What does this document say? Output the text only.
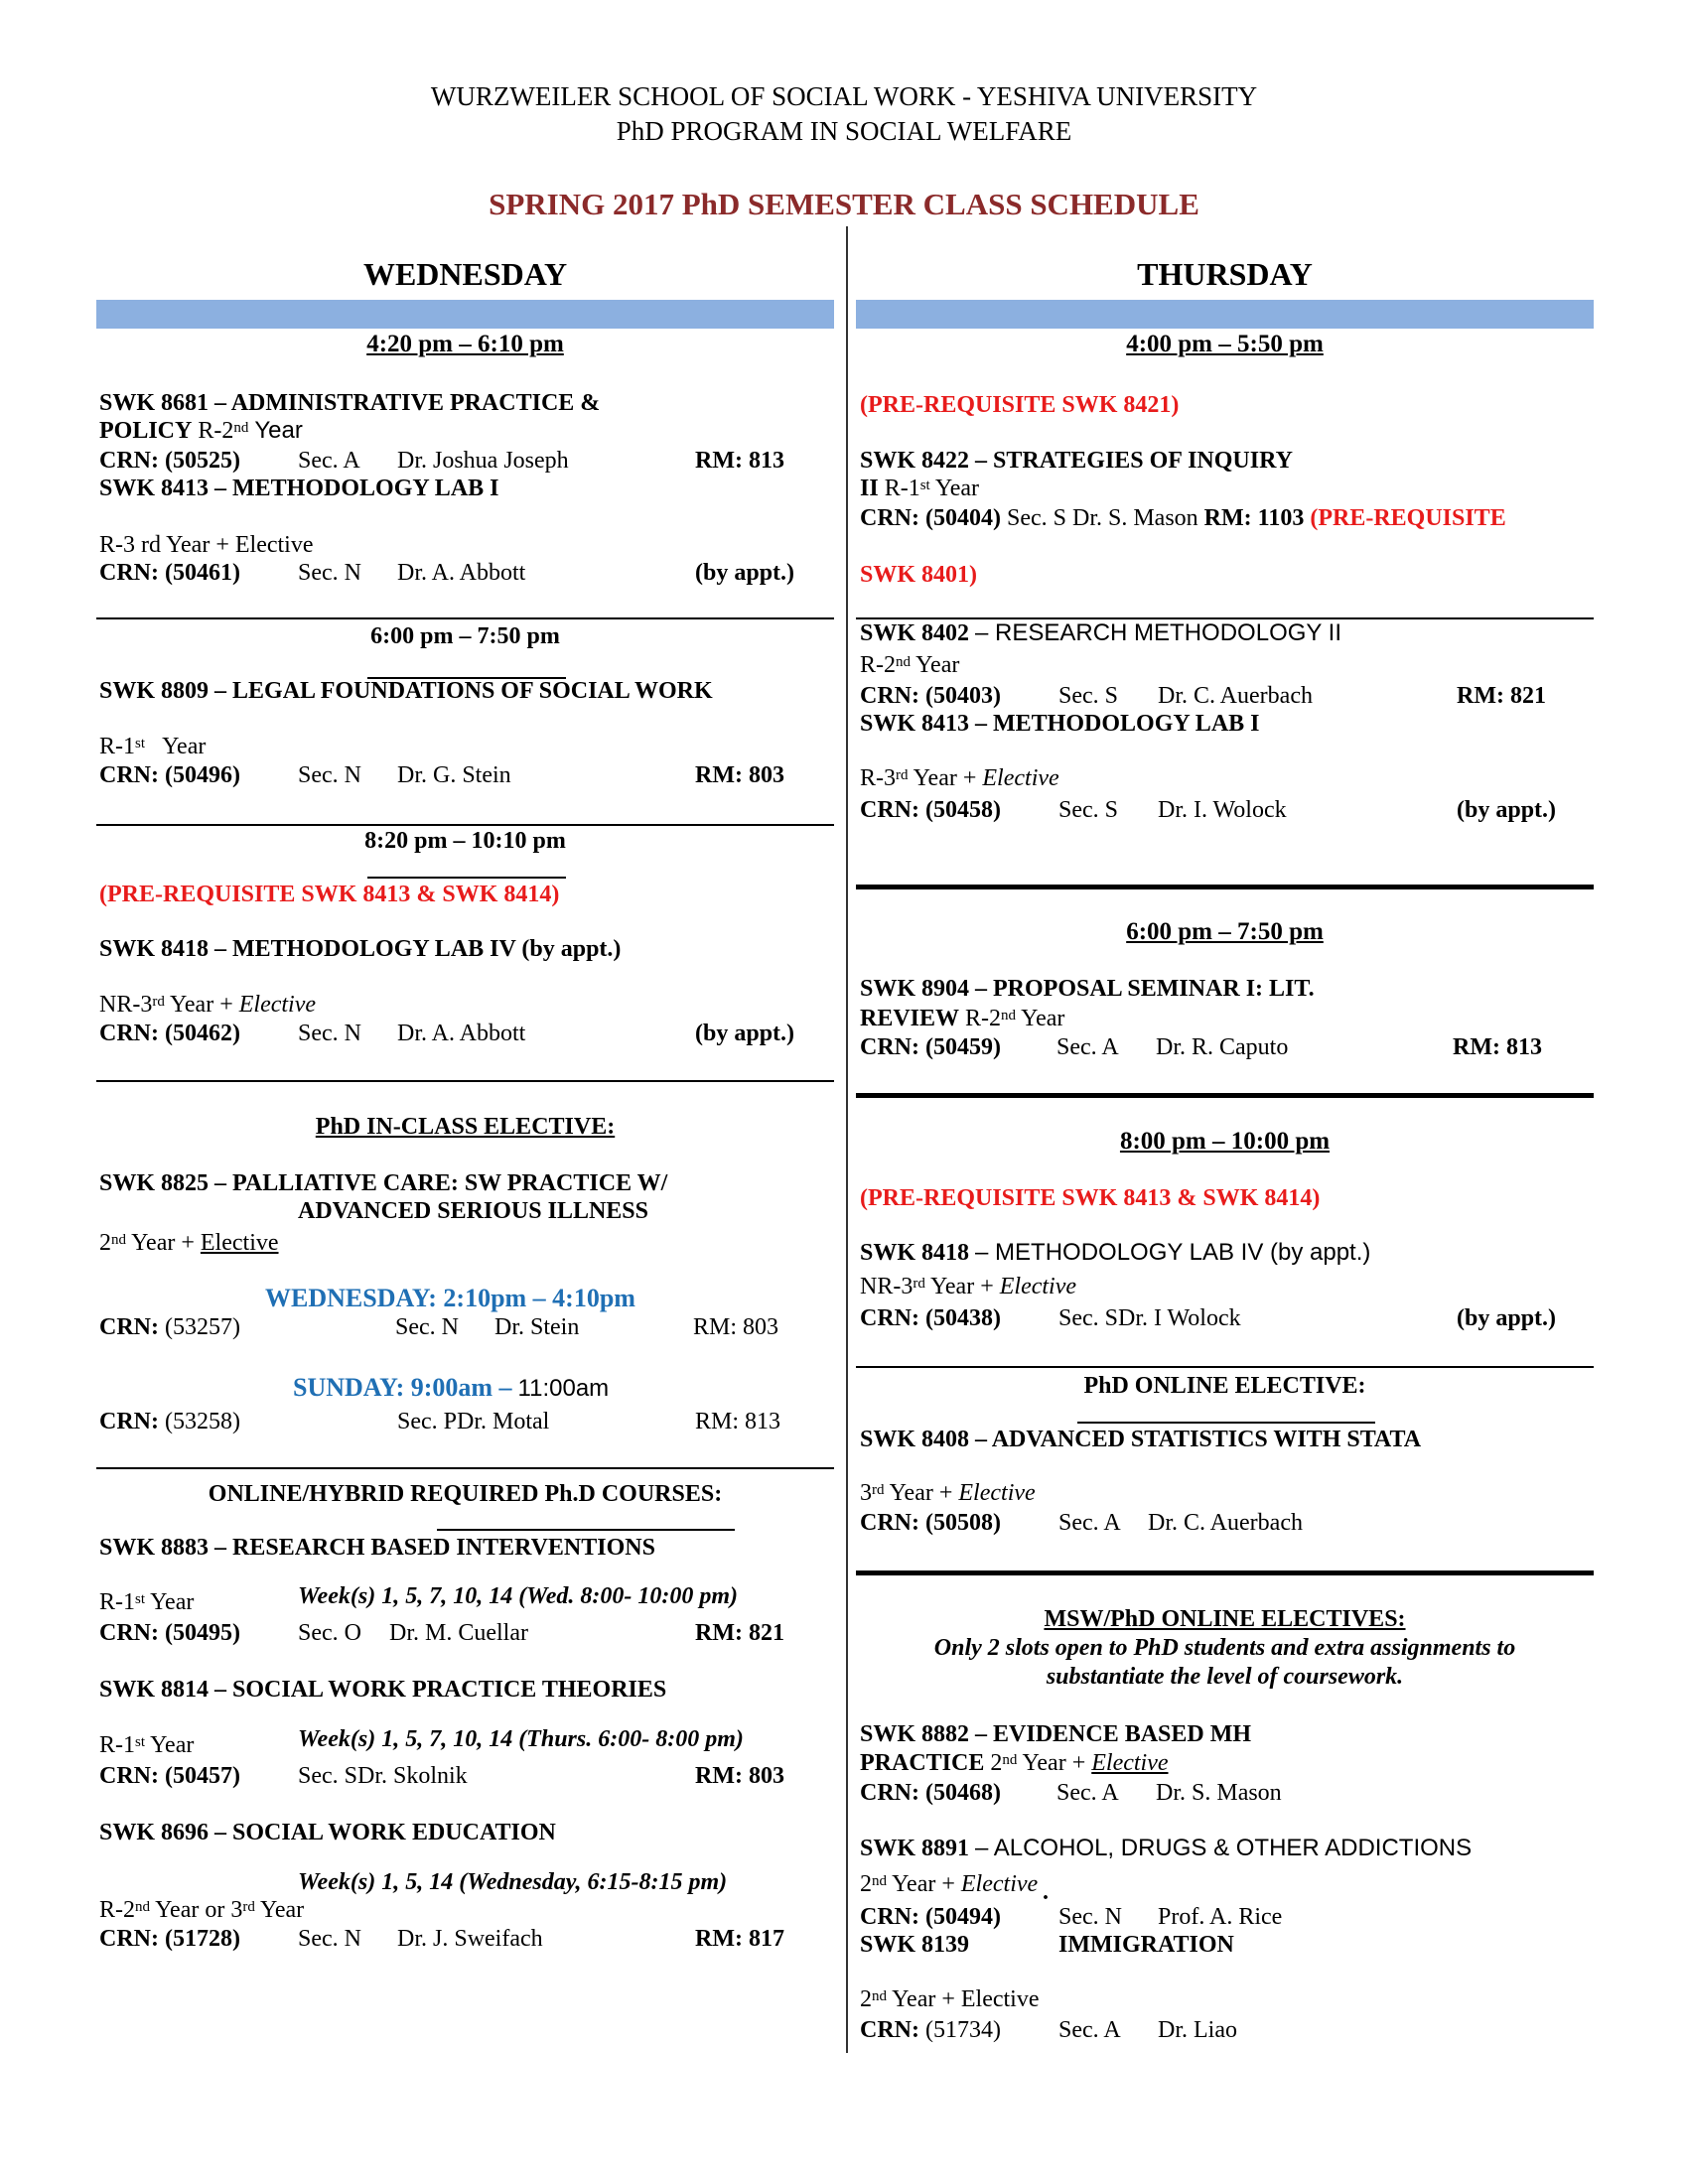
WURZWEILER SCHOOL OF SOCIAL WORK - YESHIVA UNIVERSITY
PhD PROGRAM IN SOCIAL WELFARE
SPRING 2017 PhD SEMESTER CLASS SCHEDULE
WEDNESDAY
4:20 pm – 6:10 pm
SWK 8681 – ADMINISTRATIVE PRACTICE &
POLICY R-2nd Year
CRN: (50525) Sec. A Dr. Joshua Joseph	RM: 813
SWK 8413 – METHODOLOGY LAB I
R-3 rd Year + Elective
CRN: (50461) Sec. N Dr. A. Abbott	(by appt.)
6:00 pm – 7:50 pm
SWK 8809 – LEGAL FOUNDATIONS OF SOCIAL WORK
R-1st Year
CRN: (50496) Sec. N Dr. G. Stein	RM: 803
8:20 pm – 10:10 pm
(PRE-REQUISITE SWK 8413 & SWK 8414)
SWK 8418 – METHODOLOGY LAB IV (by appt.)
NR-3rd Year + Elective
CRN: (50462) Sec. N Dr. A. Abbott	(by appt.)
PhD IN-CLASS ELECTIVE:
SWK 8825 – PALLIATIVE CARE: SW PRACTICE W/
ADVANCED SERIOUS ILLNESS
2nd Year + Elective
WEDNESDAY: 2:10pm – 4:10pm
CRN: (53257)	Sec. N Dr. Stein	RM: 803
SUNDAY: 9:00am – 11:00am
CRN: (53258)	Sec. PDr. Motal	RM: 813
ONLINE/HYBRID REQUIRED Ph.D COURSES:
SWK 8883 – RESEARCH BASED INTERVENTIONS
R-1st Year	Week(s) 1, 5, 7, 10, 14 (Wed. 8:00- 10:00 pm)
CRN: (50495) Sec. O Dr. M. Cuellar	RM: 821
SWK 8814 – SOCIAL WORK PRACTICE THEORIES
R-1st Year	Week(s) 1, 5, 7, 10, 14 (Thurs. 6:00- 8:00 pm)
CRN: (50457) Sec. SDr. Skolnik	RM: 803
SWK 8696 – SOCIAL WORK EDUCATION
Week(s) 1, 5, 14 (Wednesday, 6:15-8:15 pm)
R-2nd Year or 3rd Year
CRN: (51728) Sec. N Dr. J. Sweifach	RM: 817
THURSDAY
4:00 pm – 5:50 pm
(PRE-REQUISITE SWK 8421)
SWK 8422 – STRATEGIES OF INQUIRY
II R-1st Year
CRN: (50404) Sec. S Dr. S. Mason RM: 1103 (PRE-REQUISITE
SWK 8401)
SWK 8402 – RESEARCH METHODOLOGY II
R-2nd Year
CRN: (50403) Sec. S Dr. C. Auerbach	RM: 821
SWK 8413 – METHODOLOGY LAB I
R-3rd Year + Elective
CRN: (50458) Sec. S Dr. I. Wolock	(by appt.)
6:00 pm – 7:50 pm
SWK 8904 – PROPOSAL SEMINAR I: LIT.
REVIEW R-2nd Year
CRN: (50459) Sec. A Dr. R. Caputo	RM: 813
8:00 pm – 10:00 pm
(PRE-REQUISITE SWK 8413 & SWK 8414)
SWK 8418 – METHODOLOGY LAB IV (by appt.)
NR-3rd Year + Elective
CRN: (50438) Sec. SDr. I Wolock	(by appt.)
PhD ONLINE ELECTIVE:
SWK 8408 – ADVANCED STATISTICS WITH STATA
3rd Year + Elective
CRN: (50508) Sec. A Dr. C. Auerbach
MSW/PhD ONLINE ELECTIVES:
Only 2 slots open to PhD students and extra assignments to
substantiate the level of coursework.
SWK 8882 – EVIDENCE BASED MH
PRACTICE 2nd Year + Elective
CRN: (50468) Sec. A Dr. S. Mason
SWK 8891 – ALCOHOL, DRUGS & OTHER ADDICTIONS
2nd Year + Elective .
CRN: (50494) Sec. N Prof. A. Rice
SWK 8139	IMMIGRATION
2nd Year + Elective
CRN: (51734) Sec. A Dr. Liao
